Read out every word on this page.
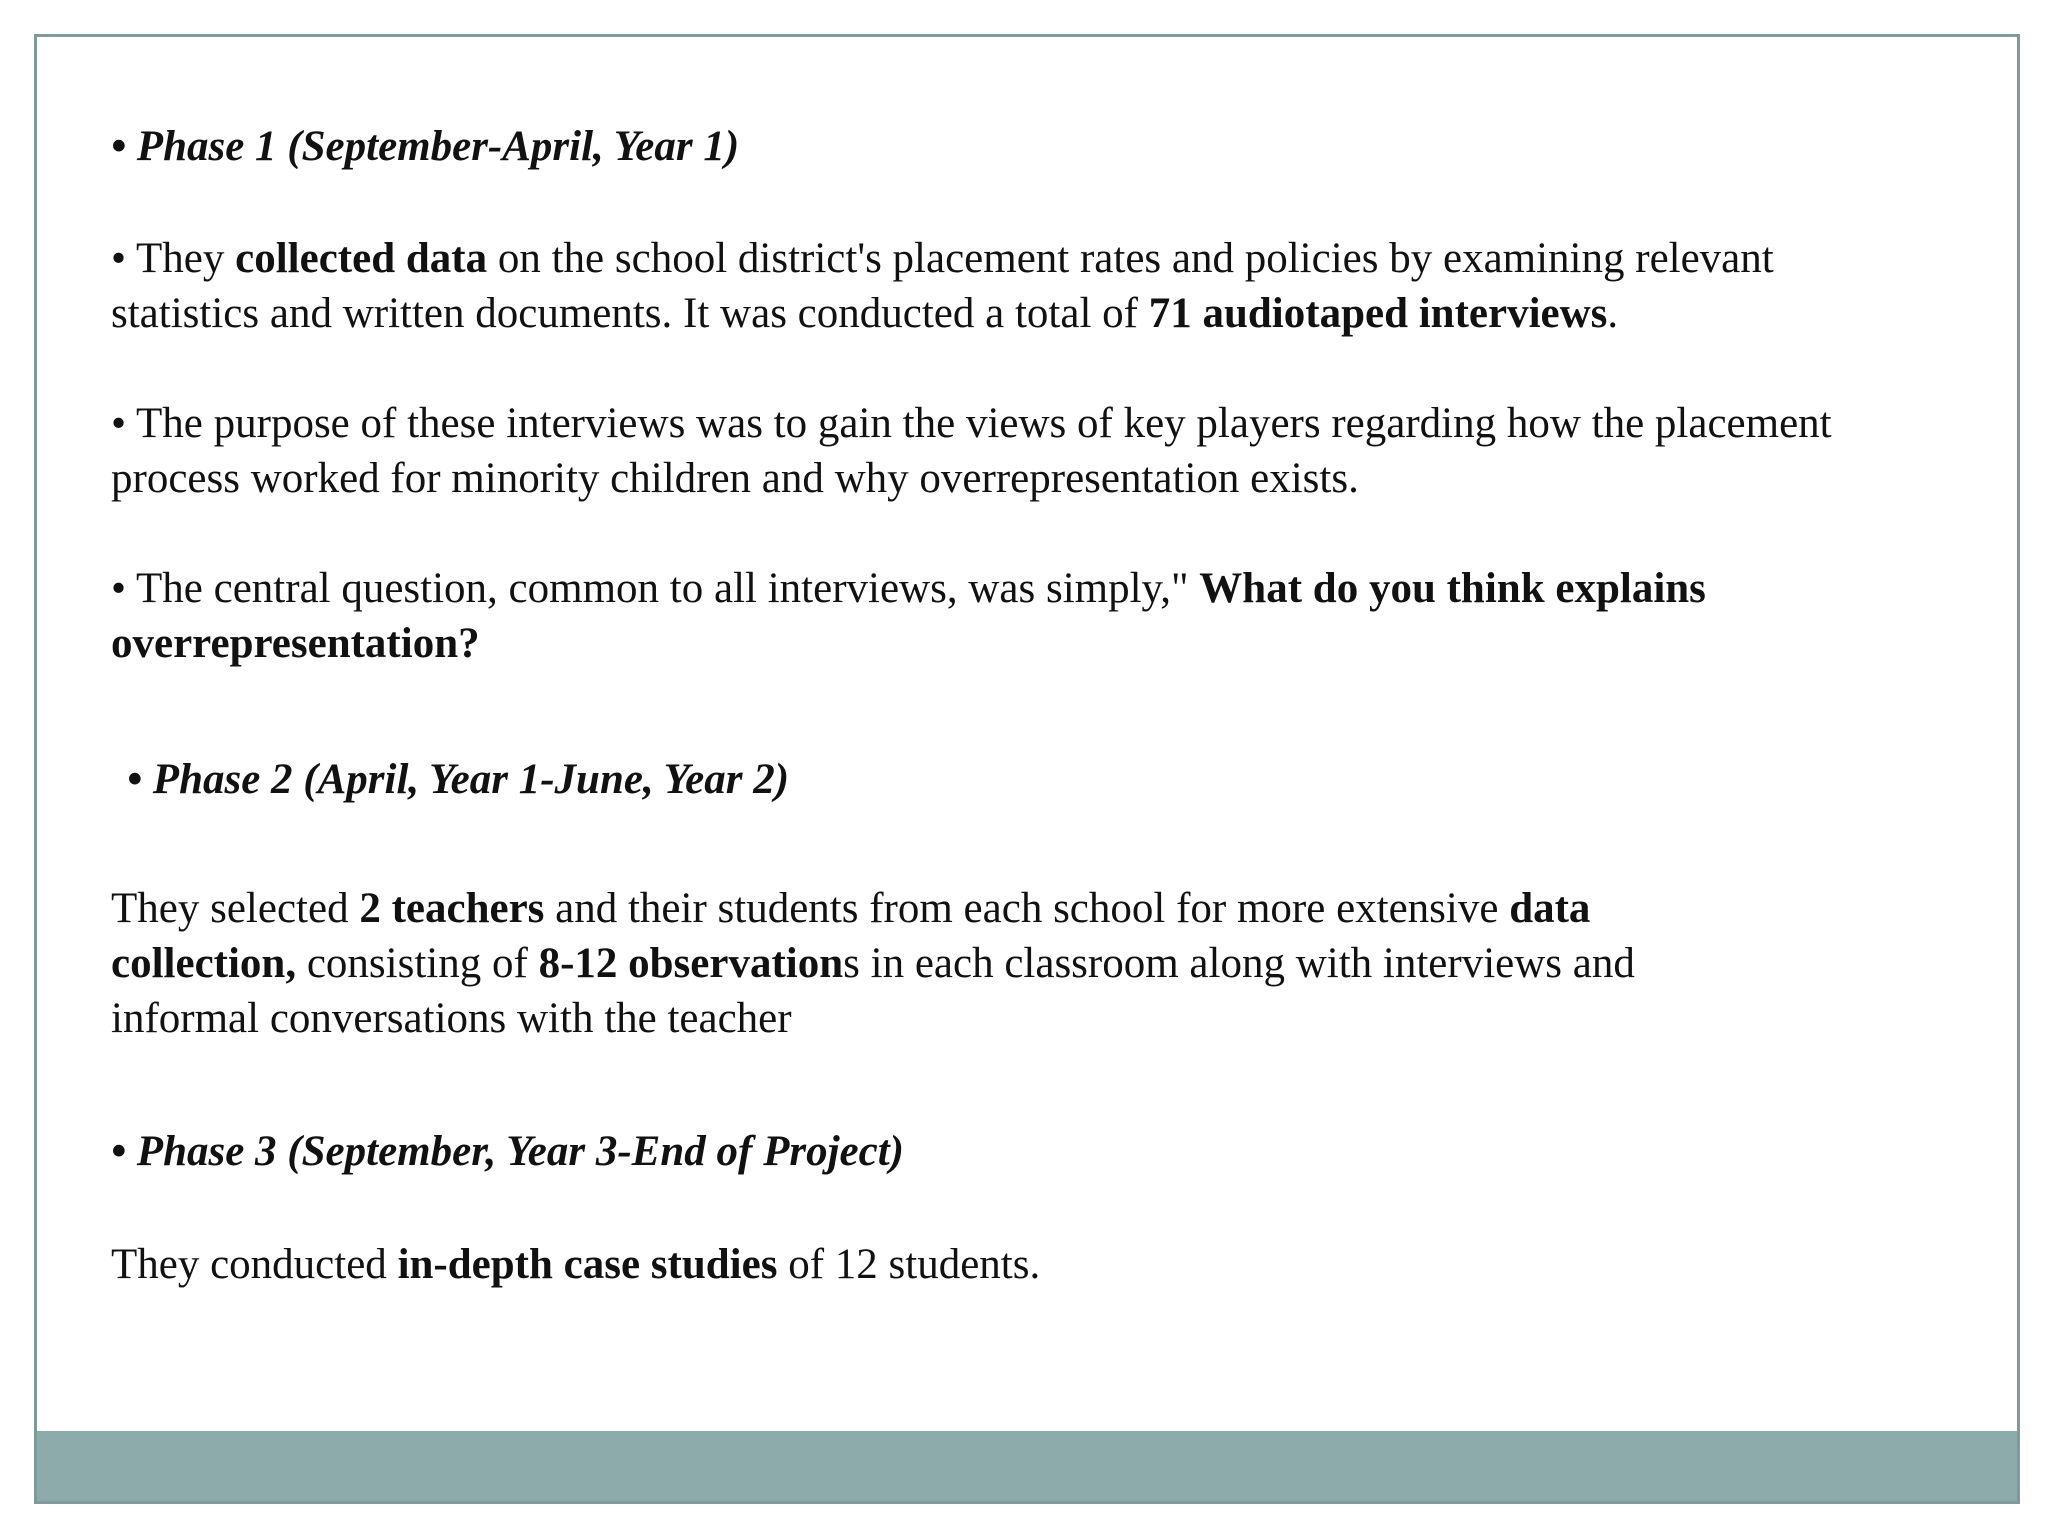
• Phase 1 (September-April, Year 1)

• They collected data on the school district's placement rates and policies by examining relevant
statistics and written documents. It was conducted a total of 71 audiotaped interviews.

• The purpose of these interviews was to gain the views of key players regarding how the placement
process worked for minority children and why overrepresentation exists.

• The central question, common to all interviews, was simply," What do you think explains
overrepresentation?

• Phase 2 (April, Year 1-June, Year 2)

They selected 2 teachers and their students from each school for more extensive data
collection, consisting of 8-12 observations in each classroom along with interviews and
informal conversations with the teacher

• Phase 3 (September, Year 3-End of Project)

They conducted in-depth case studies of 12 students.
